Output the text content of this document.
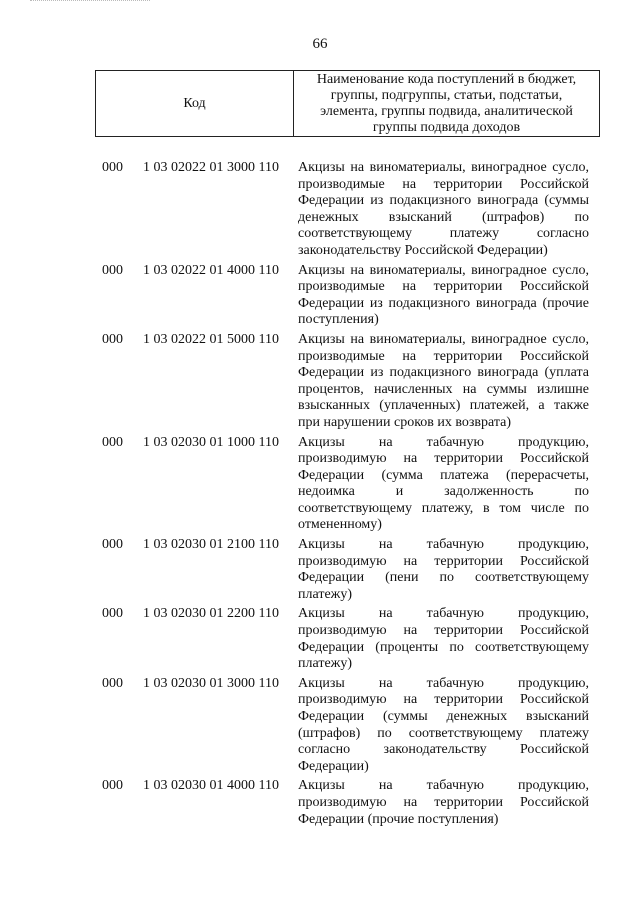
66
Код
Наименование кода поступлений в бюджет, группы, подгруппы, статьи, подстатьи, элемента, группы подвида, аналитической группы подвида доходов
000 1 03 02022 01 3000 110 Акцизы на виноматериалы, виноградное сусло, производимые на территории Российской Федерации из подакцизного винограда (суммы денежных взысканий (штрафов) по соответствующему платежу согласно законодательству Российской Федерации)
000 1 03 02022 01 4000 110 Акцизы на виноматериалы, виноградное сусло, производимые на территории Российской Федерации из подакцизного винограда (прочие поступления)
000 1 03 02022 01 5000 110 Акцизы на виноматериалы, виноградное сусло, производимые на территории Российской Федерации из подакцизного винограда (уплата процентов, начисленных на суммы излишне взысканных (уплаченных) платежей, а также при нарушении сроков их возврата)
000 1 03 02030 01 1000 110 Акцизы на табачную продукцию, производимую на территории Российской Федерации (сумма платежа (перерасчеты, недоимка и задолженность по соответствующему платежу, в том числе по отмененному)
000 1 03 02030 01 2100 110 Акцизы на табачную продукцию, производимую на территории Российской Федерации (пени по соответствующему платежу)
000 1 03 02030 01 2200 110 Акцизы на табачную продукцию, производимую на территории Российской Федерации (проценты по соответствующему платежу)
000 1 03 02030 01 3000 110 Акцизы на табачную продукцию, производимую на территории Российской Федерации (суммы денежных взысканий (штрафов) по соответствующему платежу согласно законодательству Российской Федерации)
000 1 03 02030 01 4000 110 Акцизы на табачную продукцию, производимую на территории Российской Федерации (прочие поступления)
